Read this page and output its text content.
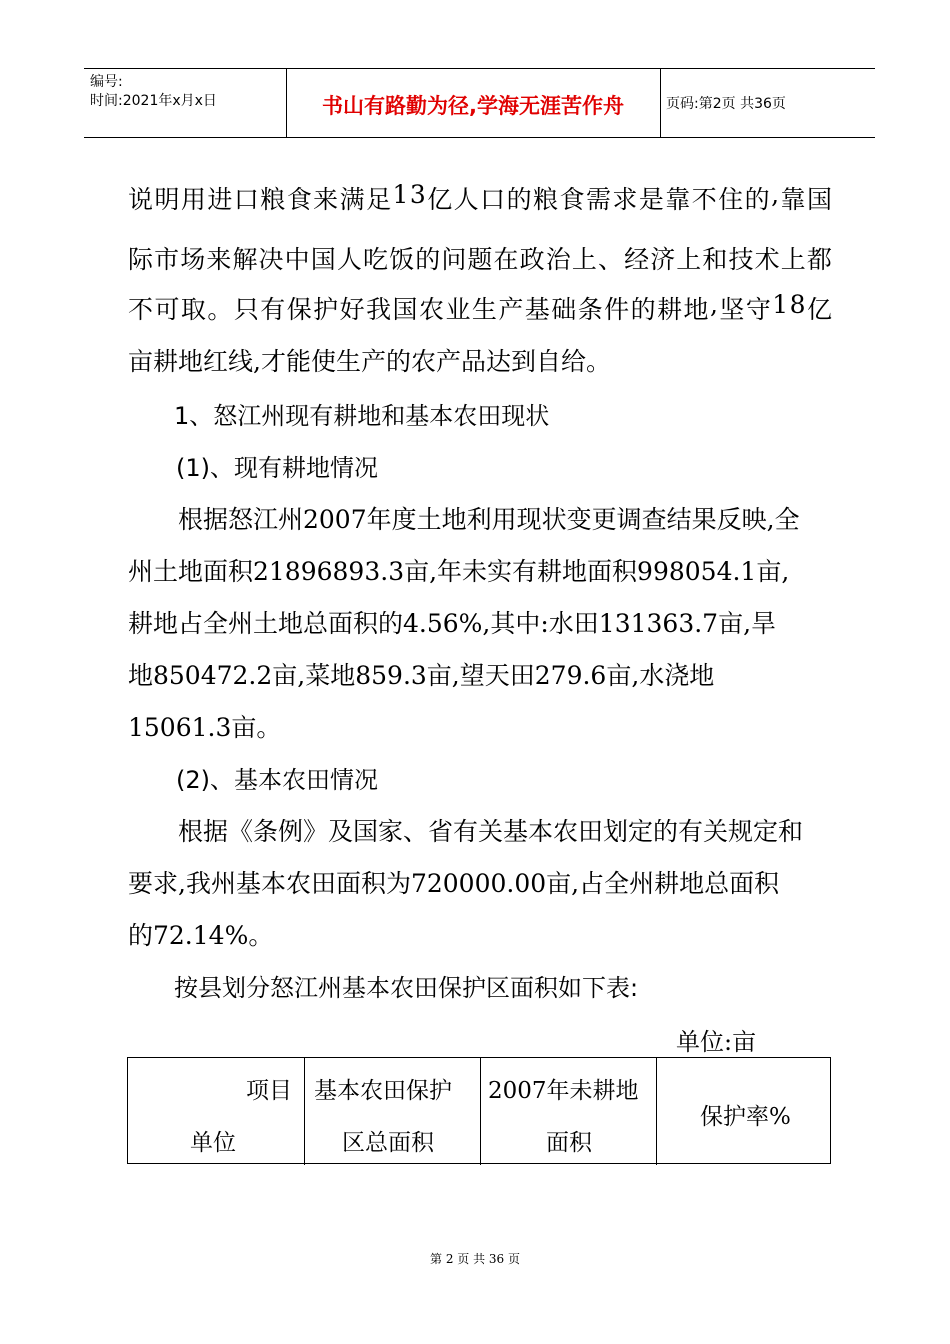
编号:
时间:2021年x月x日	书山有路勤为径,学海无涯苦作舟	页码:第2页 共36页
说 明 用 进 口 粮 食 来 满 足 1 3 亿 人 口 的 粮 食 需 求 是 靠 不 住 的 , 靠 国
际 市 场 来 解 决 中 国 人 吃 饭 的 问 题 在 政 治 上 、 经 济 上 和 技 术 上 都
不 可 取 。 只 有 保 护 好 我 国 农 业 生 产 基 础 条 件 的 耕 地 , 坚 守 1 8 亿
亩耕地红线,才能使生产的农产品达到自给。
1、怒江州现有耕地和基本农田现状
(1)、现有耕地情况
根据怒江州2007年度土地利用现状变更调查结果反映,全
州土地面积21896893.3亩,年未实有耕地面积998054.1亩,
耕地占全州土地总面积的4.56%,其中:水田131363.7亩,旱
地850472.2亩,菜地859.3亩,望天田279.6亩,水浇地
15061.3亩。
(2)、基本农田情况
根据《条例》及国家、省有关基本农田划定的有关规定和
要求,我州基本农田面积为720000.00亩,占全州耕地总面积
的72.14%。
按县划分怒江州基本农田保护区面积如下表:
单位:亩
项目
单位
基本农田保护
区总面积
2007年未耕地
面积
保护率%
第 2 页 共 36 页
